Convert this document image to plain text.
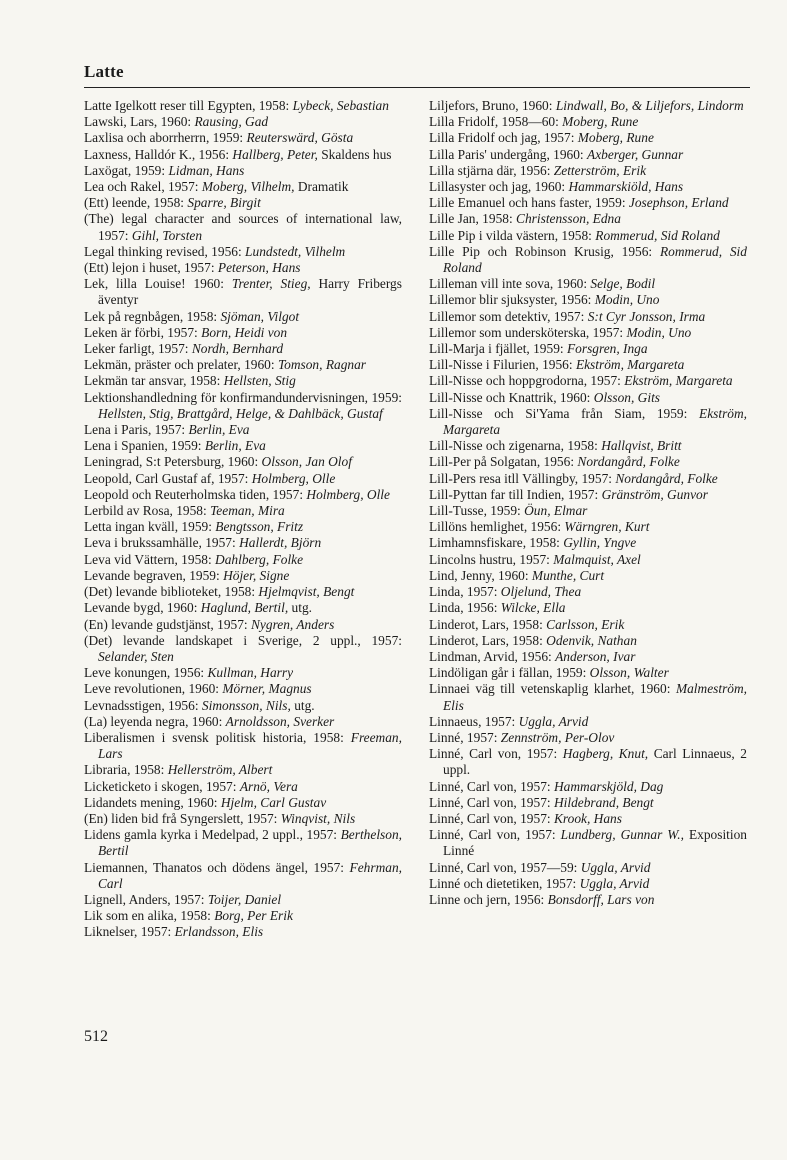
Latte
Latte Igelkott reser till Egypten, 1958: Lybeck, Sebastian
Lawski, Lars, 1960: Rausing, Gad
Laxlisa och aborrherrn, 1959: Reuterswärd, Gösta
Laxness, Halldór K., 1956: Hallberg, Peter, Skaldens hus
Laxögat, 1959: Lidman, Hans
Lea och Rakel, 1957: Moberg, Vilhelm, Dramatik
(Ett) leende, 1958: Sparre, Birgit
(The) legal character and sources of international law, 1957: Gihl, Torsten
Legal thinking revised, 1956: Lundstedt, Vilhelm
(Ett) lejon i huset, 1957: Peterson, Hans
Lek, lilla Louise! 1960: Trenter, Stieg, Harry Fribergs äventyr
Lek på regnbågen, 1958: Sjöman, Vilgot
Leken är förbi, 1957: Born, Heidi von
Leker farligt, 1957: Nordh, Bernhard
Lekmän, präster och prelater, 1960: Tomson, Ragnar
Lekmän tar ansvar, 1958: Hellsten, Stig
Lektionshandledning för konfirmandundervisningen, 1959: Hellsten, Stig, Brattgård, Helge, & Dahlbäck, Gustaf
Lena i Paris, 1957: Berlin, Eva
Lena i Spanien, 1959: Berlin, Eva
Leningrad, S:t Petersburg, 1960: Olsson, Jan Olof
Leopold, Carl Gustaf af, 1957: Holmberg, Olle
Leopold och Reuterholmska tiden, 1957: Holmberg, Olle
Lerbild av Rosa, 1958: Teeman, Mira
Letta ingan kväll, 1959: Bengtsson, Fritz
Leva i brukssamhälle, 1957: Hallerdt, Björn
Leva vid Vättern, 1958: Dahlberg, Folke
Levande begraven, 1959: Höjer, Signe
(Det) levande biblioteket, 1958: Hjelmqvist, Bengt
Levande bygd, 1960: Haglund, Bertil, utg.
(En) levande gudstjänst, 1957: Nygren, Anders
(Det) levande landskapet i Sverige, 2 uppl., 1957: Selander, Sten
Leve konungen, 1956: Kullman, Harry
Leve revolutionen, 1960: Mörner, Magnus
Levnadsstigen, 1956: Simonsson, Nils, utg.
(La) leyenda negra, 1960: Arnoldsson, Sverker
Liberalismen i svensk politisk historia, 1958: Freeman, Lars
Libraria, 1958: Hellerström, Albert
Licketicketo i skogen, 1957: Arnö, Vera
Lidandets mening, 1960: Hjelm, Carl Gustav
(En) liden bid frå Syngerslett, 1957: Winqvist, Nils
Lidens gamla kyrka i Medelpad, 2 uppl., 1957: Berthelson, Bertil
Liemannen, Thanatos och dödens ängel, 1957: Fehrman, Carl
Lignell, Anders, 1957: Toijer, Daniel
Lik som en alika, 1958: Borg, Per Erik
Liknelser, 1957: Erlandsson, Elis
Liljefors, Bruno, 1960: Lindwall, Bo, & Liljefors, Lindorm
Lilla Fridolf, 1958—60: Moberg, Rune
Lilla Fridolf och jag, 1957: Moberg, Rune
Lilla Paris' undergång, 1960: Axberger, Gunnar
Lilla stjärna där, 1956: Zetterström, Erik
Lillasyster och jag, 1960: Hammarskiöld, Hans
Lille Emanuel och hans faster, 1959: Josephson, Erland
Lille Jan, 1958: Christensson, Edna
Lille Pip i vilda västern, 1958: Rommerud, Sid Roland
Lille Pip och Robinson Krusig, 1956: Rommerud, Sid Roland
Lilleman vill inte sova, 1960: Selge, Bodil
Lillemor blir sjuksyster, 1956: Modin, Uno
Lillemor som detektiv, 1957: S:t Cyr Jonsson, Irma
Lillemor som undersköterska, 1957: Modin, Uno
Lill-Marja i fjället, 1959: Forsgren, Inga
Lill-Nisse i Filurien, 1956: Ekström, Margareta
Lill-Nisse och hoppgrodorna, 1957: Ekström, Margareta
Lill-Nisse och Knattrik, 1960: Olsson, Gits
Lill-Nisse och Si'Yama från Siam, 1959: Ekström, Margareta
Lill-Nisse och zigenarna, 1958: Hallqvist, Britt
Lill-Per på Solgatan, 1956: Nordangård, Folke
Lill-Pers resa itll Vällingby, 1957: Nordangård, Folke
Lill-Pyttan far till Indien, 1957: Gränström, Gunvor
Lill-Tusse, 1959: Öun, Elmar
Lillöns hemlighet, 1956: Wärngren, Kurt
Limhamnsfiskare, 1958: Gyllin, Yngve
Lincolns hustru, 1957: Malmquist, Axel
Lind, Jenny, 1960: Munthe, Curt
Linda, 1957: Oljelund, Thea
Linda, 1956: Wilcke, Ella
Linderot, Lars, 1958: Carlsson, Erik
Linderot, Lars, 1958: Odenvik, Nathan
Lindman, Arvid, 1956: Anderson, Ivar
Lindöligan går i fällan, 1959: Olsson, Walter
Linnaei väg till vetenskaplig klarhet, 1960: Malmeström, Elis
Linnaeus, 1957: Uggla, Arvid
Linné, 1957: Zennström, Per-Olov
Linné, Carl von, 1957: Hagberg, Knut, Carl Linnaeus, 2 uppl.
Linné, Carl von, 1957: Hammarskjöld, Dag
Linné, Carl von, 1957: Hildebrand, Bengt
Linné, Carl von, 1957: Krook, Hans
Linné, Carl von, 1957: Lundberg, Gunnar W., Exposition Linné
Linné, Carl von, 1957—59: Uggla, Arvid
Linné och dietetiken, 1957: Uggla, Arvid
Linne och jern, 1956: Bonsdorff, Lars von
512
